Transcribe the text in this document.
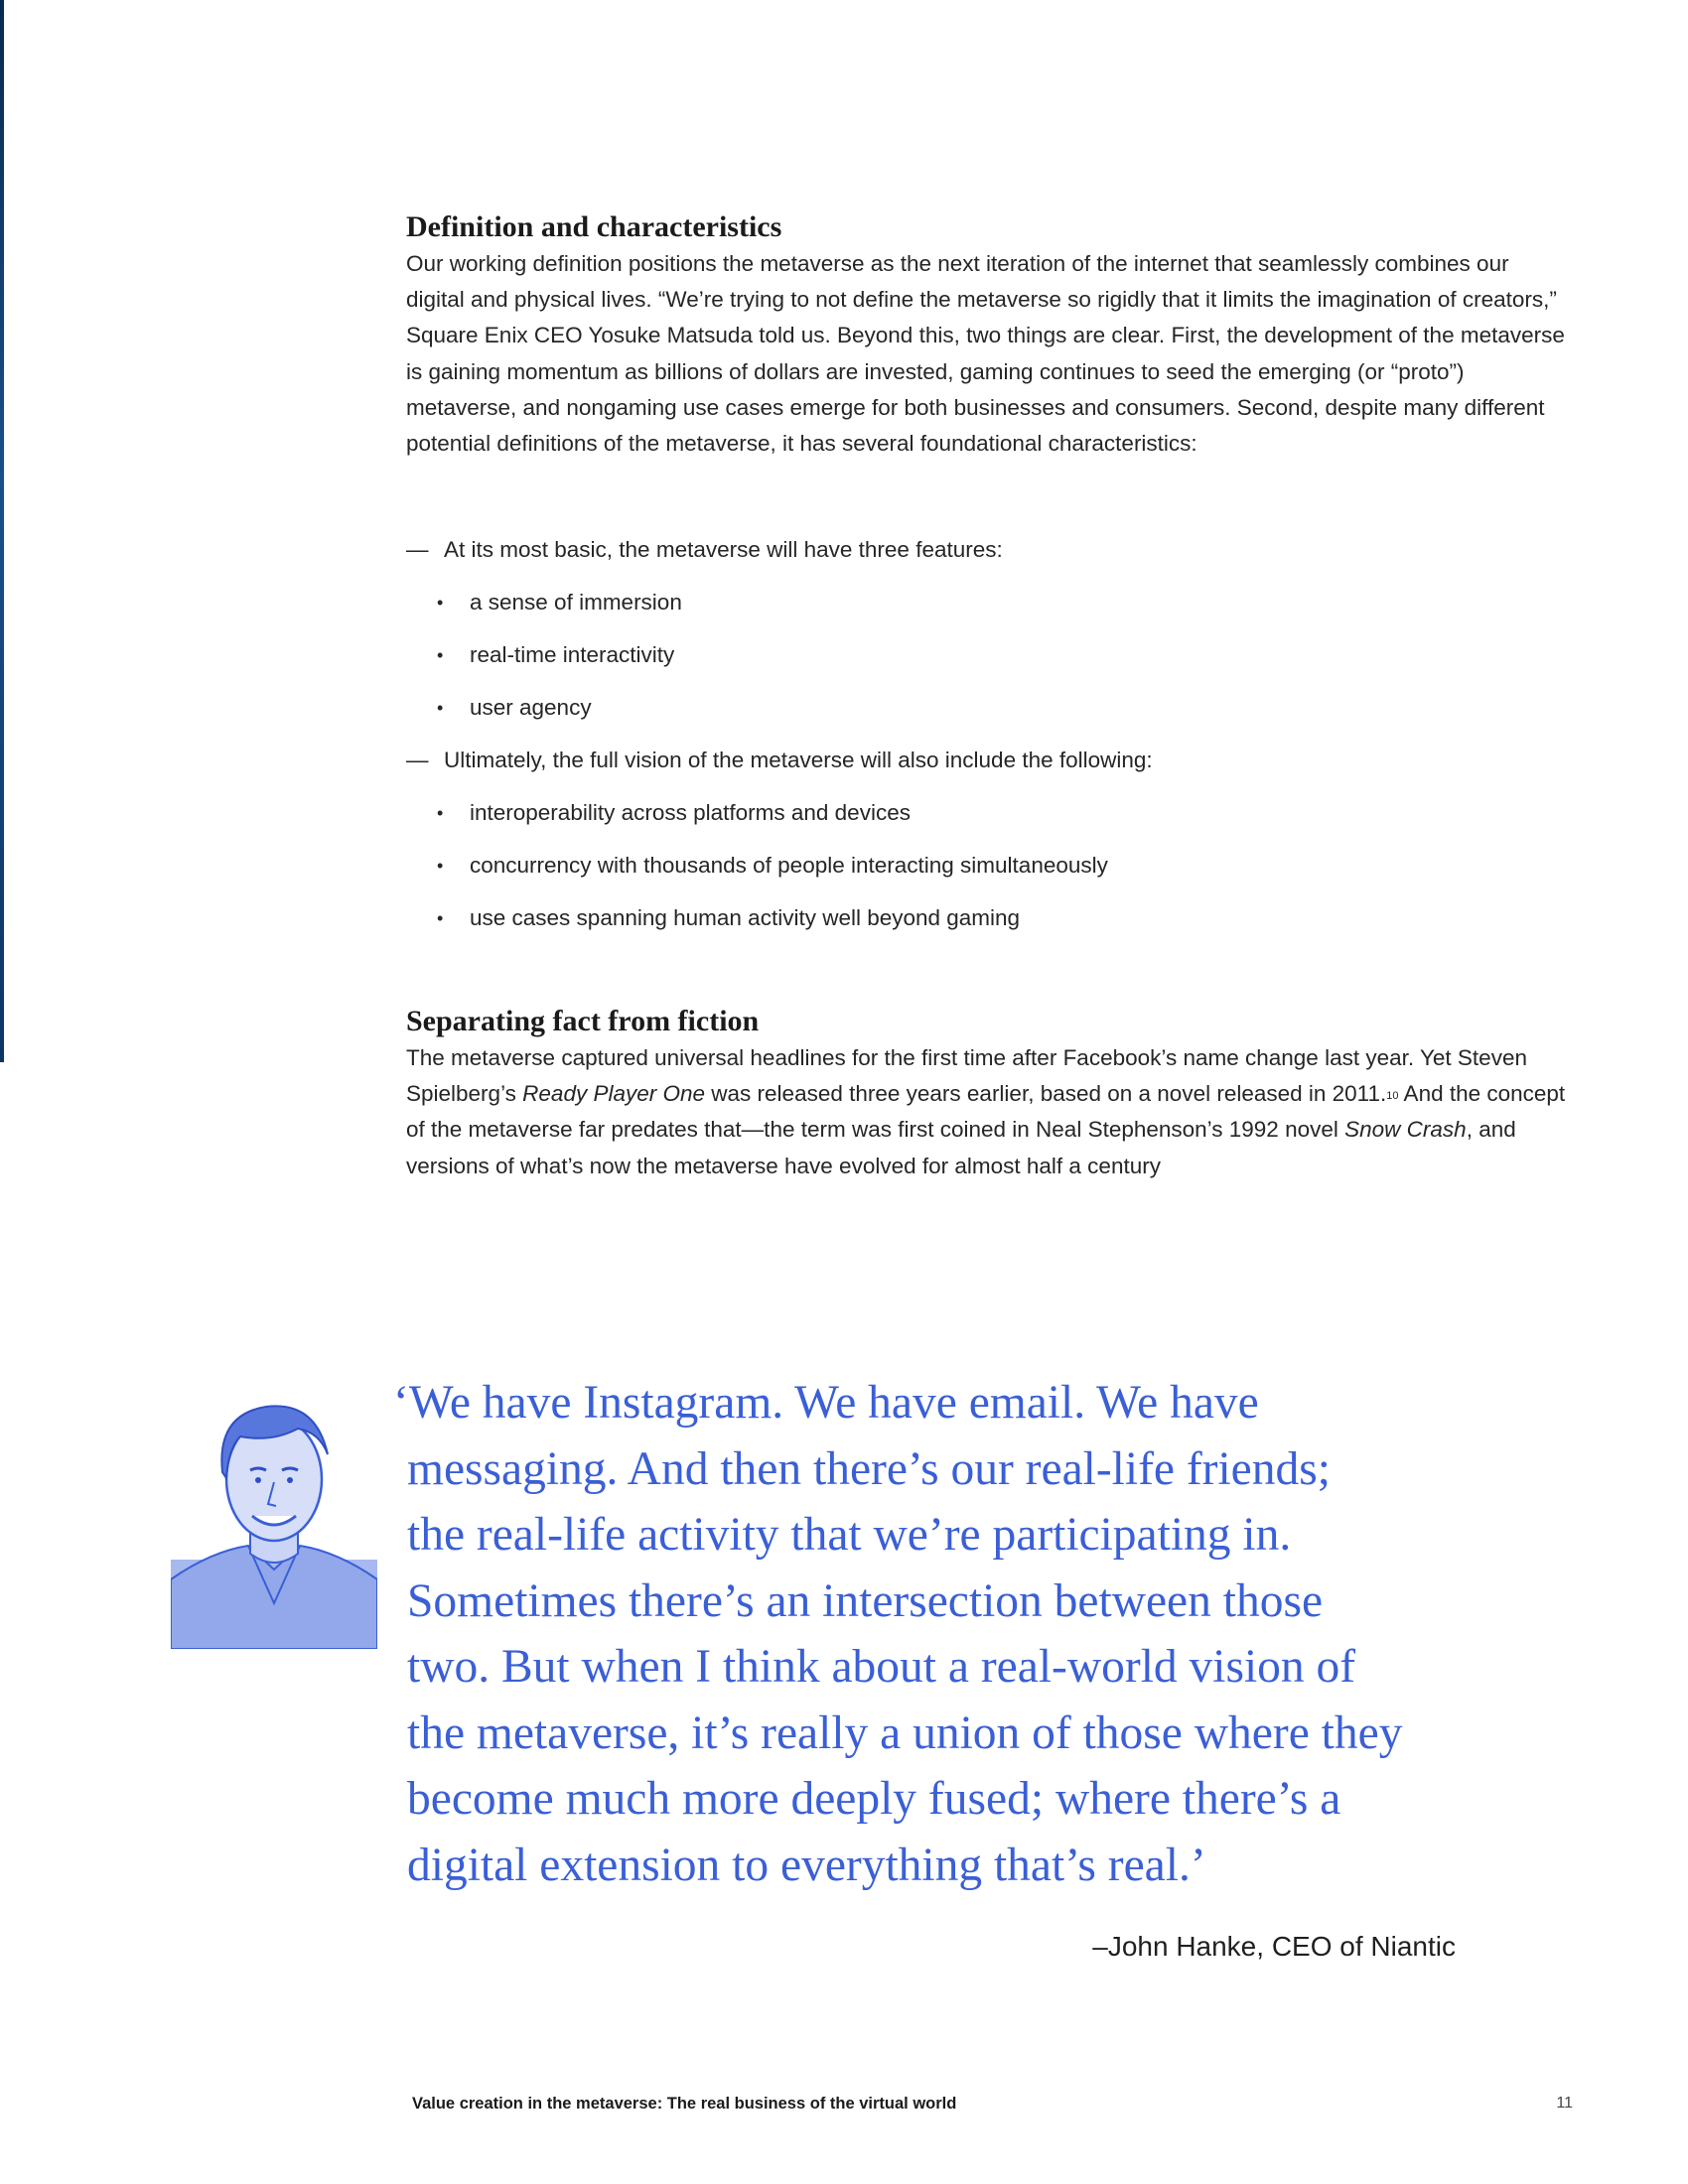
Definition and characteristics

Our working definition positions the metaverse as the next iteration of the internet that seamlessly combines our digital and physical lives. “We’re trying to not define the metaverse so rigidly that it limits the imagination of creators,” Square Enix CEO Yosuke Matsuda told us. Beyond this, two things are clear. First, the development of the metaverse is gaining momentum as billions of dollars are invested, gaming continues to seed the emerging (or “proto”) metaverse, and nongaming use cases emerge for both businesses and consumers. Second, despite many different potential definitions of the metaverse, it has several foundational characteristics:

— At its most basic, the metaverse will have three features:

• a sense of immersion

• real-time interactivity

• user agency

— Ultimately, the full vision of the metaverse will also include the following:

• interoperability across platforms and devices

• concurrency with thousands of people interacting simultaneously

• use cases spanning human activity well beyond gaming

Separating fact from fiction

The metaverse captured universal headlines for the first time after Facebook’s name change last year. Yet Steven Spielberg’s Ready Player One was released three years earlier, based on a novel released in 2011.10 And the concept of the metaverse far predates that—the term was first coined in Neal Stephenson’s 1992 novel Snow Crash, and versions of what’s now the metaverse have evolved for almost half a century

‘We have Instagram. We have email. We have
messaging. And then there’s our real-life friends;
the real-life activity that we’re participating in.
Sometimes there’s an intersection between those
two. But when I think about a real-world vision of
the metaverse, it’s really a union of those where they
become much more deeply fused; where there’s a
digital extension to everything that’s real.’

–John Hanke, CEO of Niantic

Value creation in the metaverse: The real business of the virtual world	11
